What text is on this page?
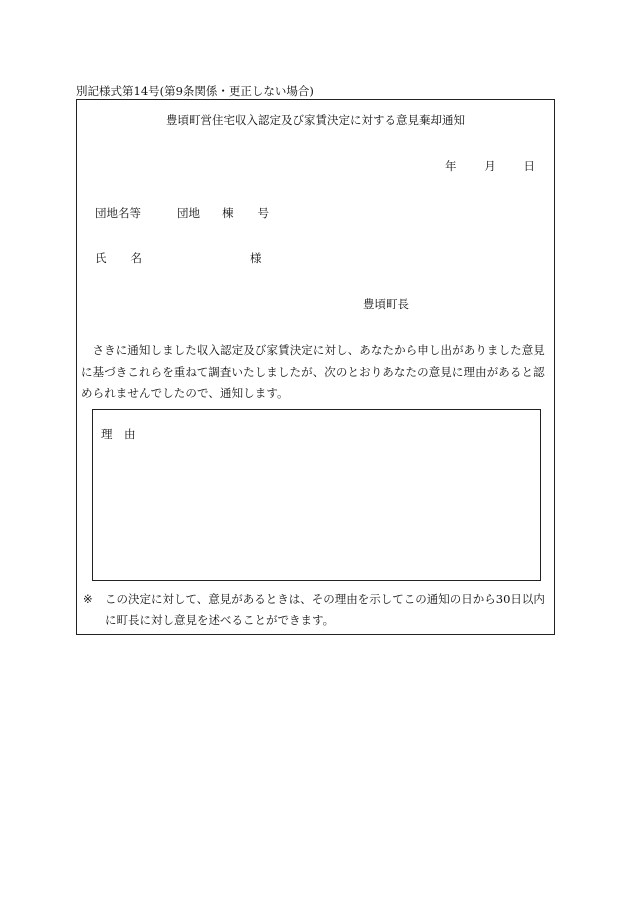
別記様式第14号(第9条関係・更正しない場合)
豊頃町営住宅収入認定及び家賃決定に対する意見棄却通知
年 月 日
団地名等	団地 棟 号
氏 名	様
豊頃町長
さきに通知しました収入認定及び家賃決定に対し、あなたから申し出がありました意見に基づきこれらを重ねて調査いたしましたが、次のとおりあなたの意見に理由があると認められませんでしたので、通知します。
理　由
※ この決定に対して、意見があるときは、その理由を示してこの通知の日から30日以内に町長に対し意見を述べることができます。
